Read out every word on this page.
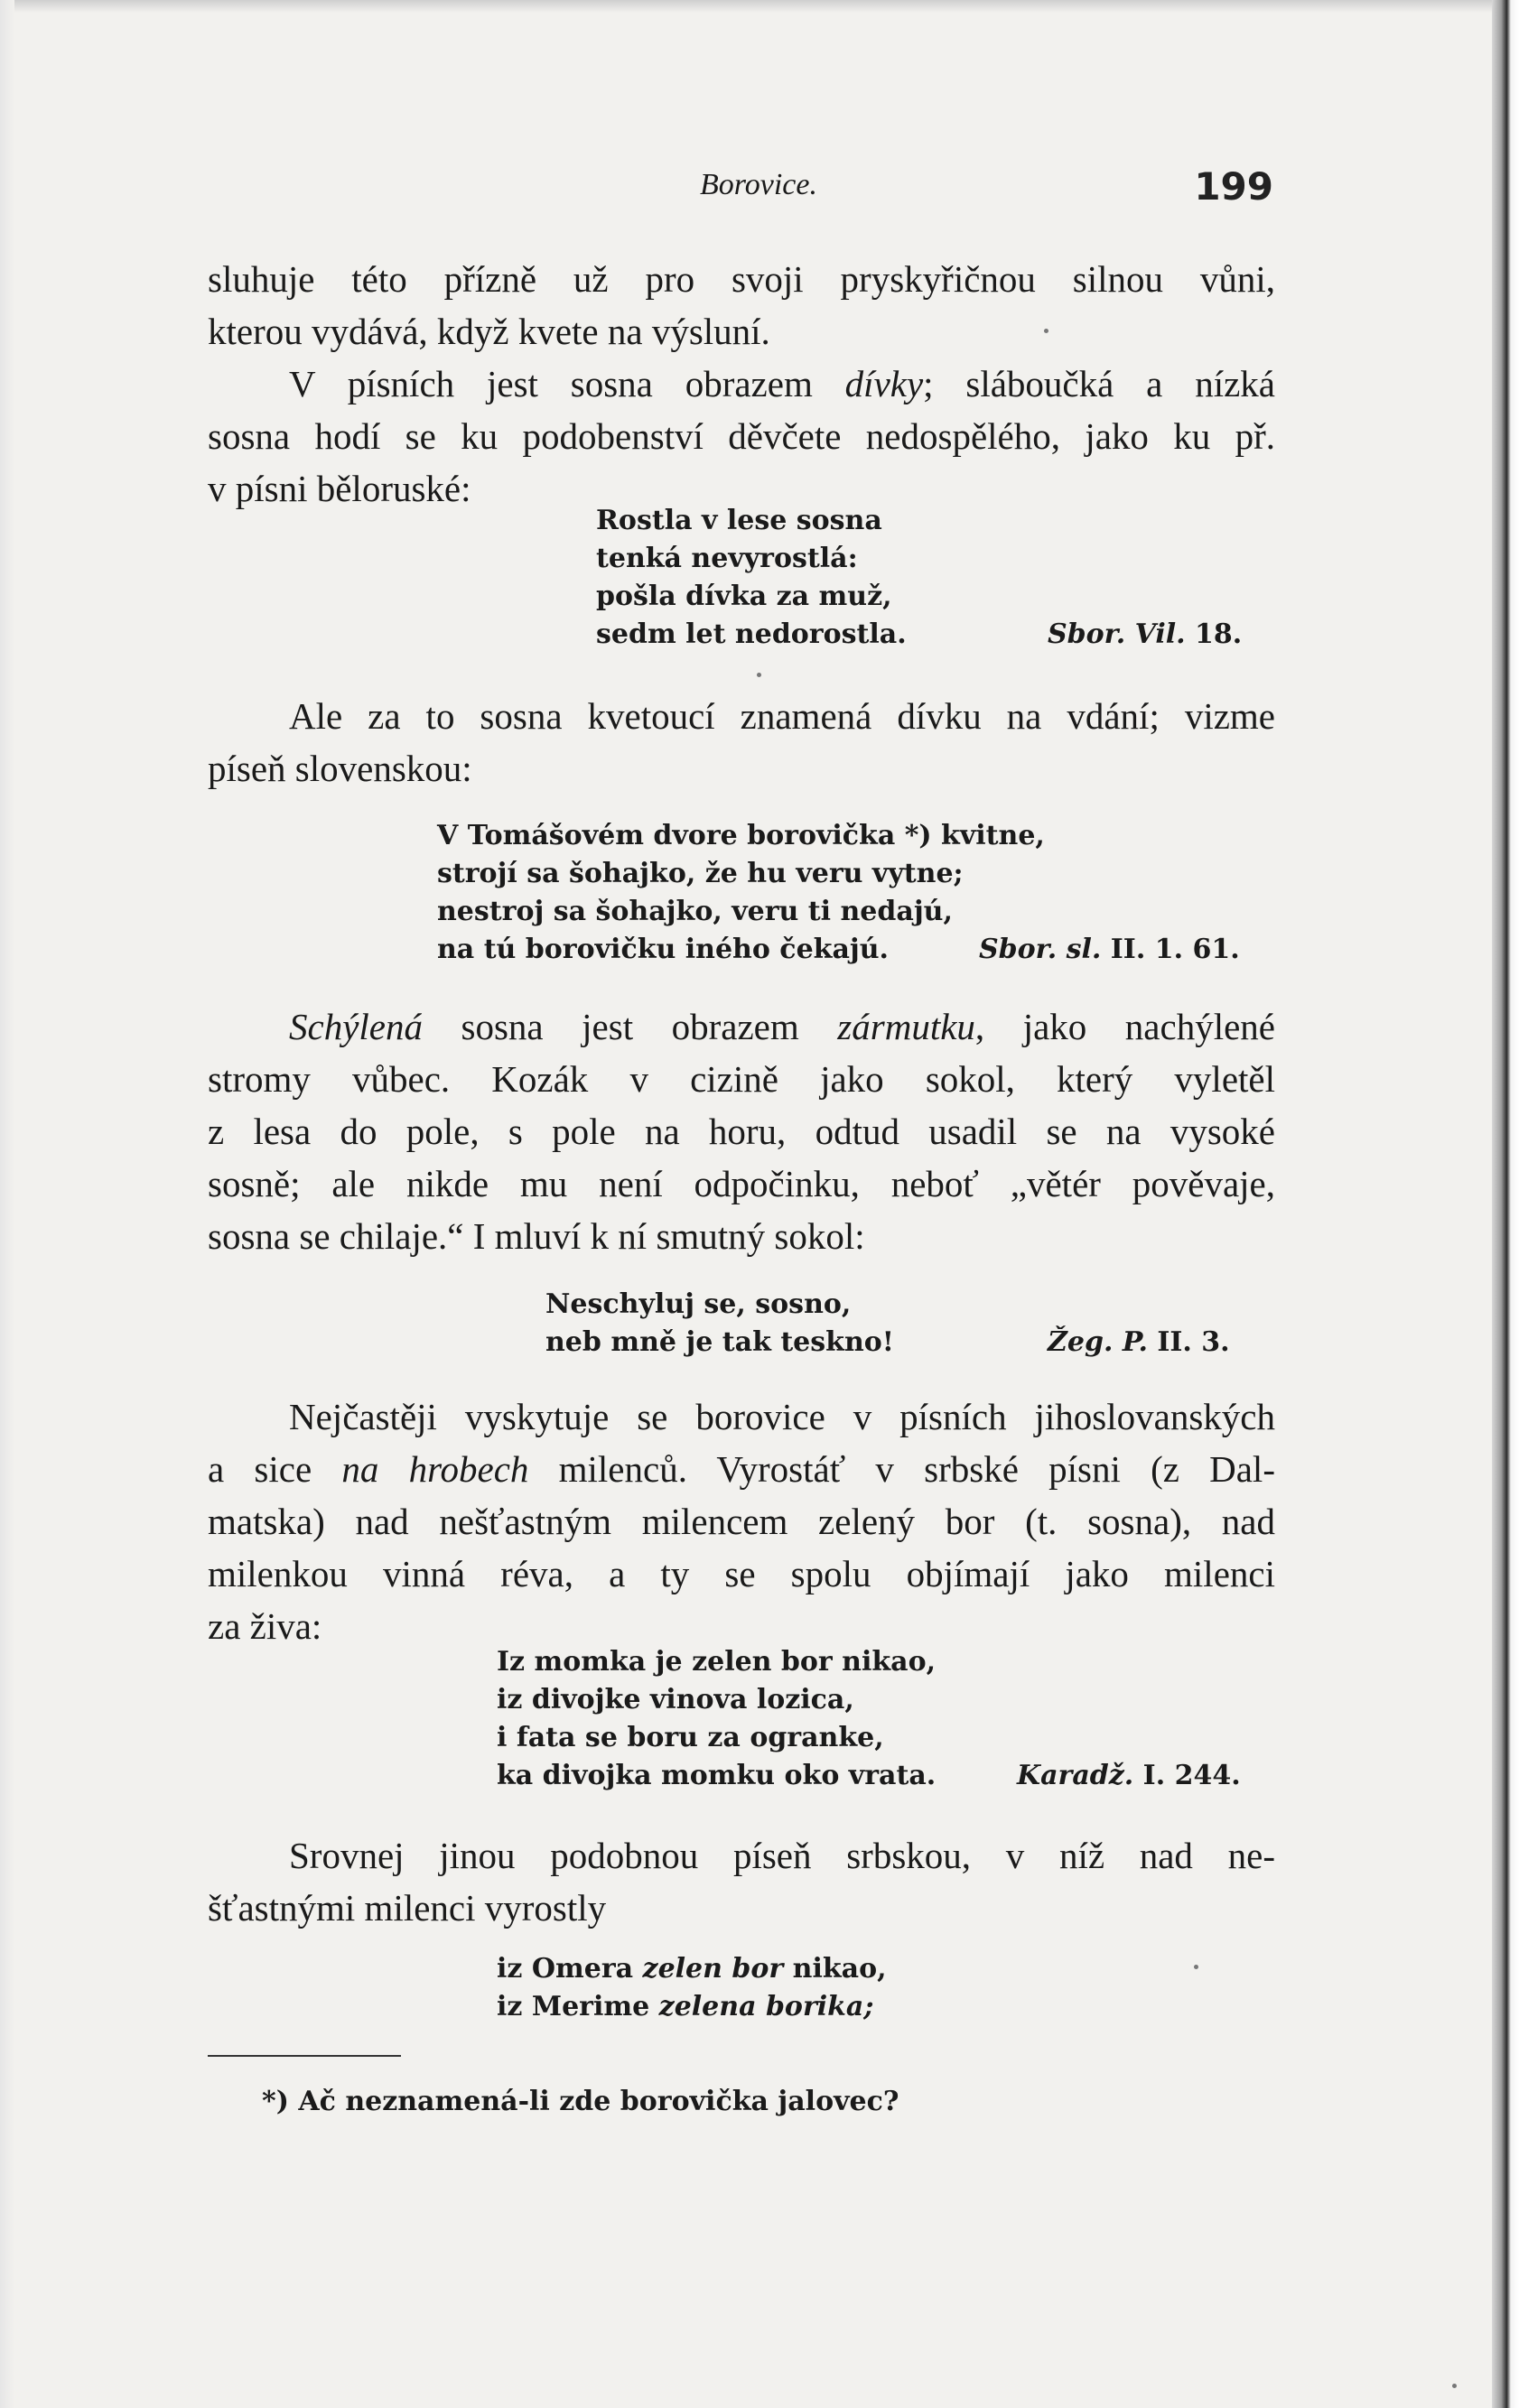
Borovice.	199
sluhuje této přízně už pro svoji pryskyřičnou silnou vůni,
kterou vydává, když kvete na výsluní.
V písních jest sosna obrazem dívky; sláboučká a nízká
sosna hodí se ku podobenství děvčete nedospělého, jako ku př.
v písni běloruské:
Rostla v lese sosna
tenká nevyrostlá:
pošla dívka za muž,
sedm let nedorostla.	Sbor. Vil. 18.
Ale za to sosna kvetoucí znamená dívku na vdání; vizme
píseň slovenskou:
V Tomášovém dvore borovička *) kvitne,
strojí sa šohajko, že hu veru vytne;
nestroj sa šohajko, veru ti nedajú,
na tú borovičku iného čekajú.	Sbor. sl. II. 1. 61.
Schýlená sosna jest obrazem zármutku, jako nachýlené
stromy vůbec. Kozák v cizině jako sokol, který vyletěl
z lesa do pole, s pole na horu, odtud usadil se na vysoké
sosně; ale nikde mu není odpočinku, neboť „větér pověvaje,
sosna se chilaje.“ I mluví k ní smutný sokol:
Neschyluj se, sosno,
neb mně je tak teskno!	Žeg. P. II. 3.
Nejčastěji vyskytuje se borovice v písních jihoslovanských
a sice na hrobech milenců. Vyrostáť v srbské písni (z Dal-
matska) nad nešťastným milencem zelený bor (t. sosna), nad
milenkou vinná réva, a ty se spolu objímají jako milenci
za živa:
Iz momka je zelen bor nikao,
iz divojke vinova lozica,
i fata se boru za ogranke,
ka divojka momku oko vrata.	Karadž. I. 244.
Srovnej jinou podobnou píseň srbskou, v níž nad ne-
šťastnými milenci vyrostly
iz Omera zelen bor nikao,
iz Merime zelena borika;
*) Ač neznamená-li zde borovička jalovec?
